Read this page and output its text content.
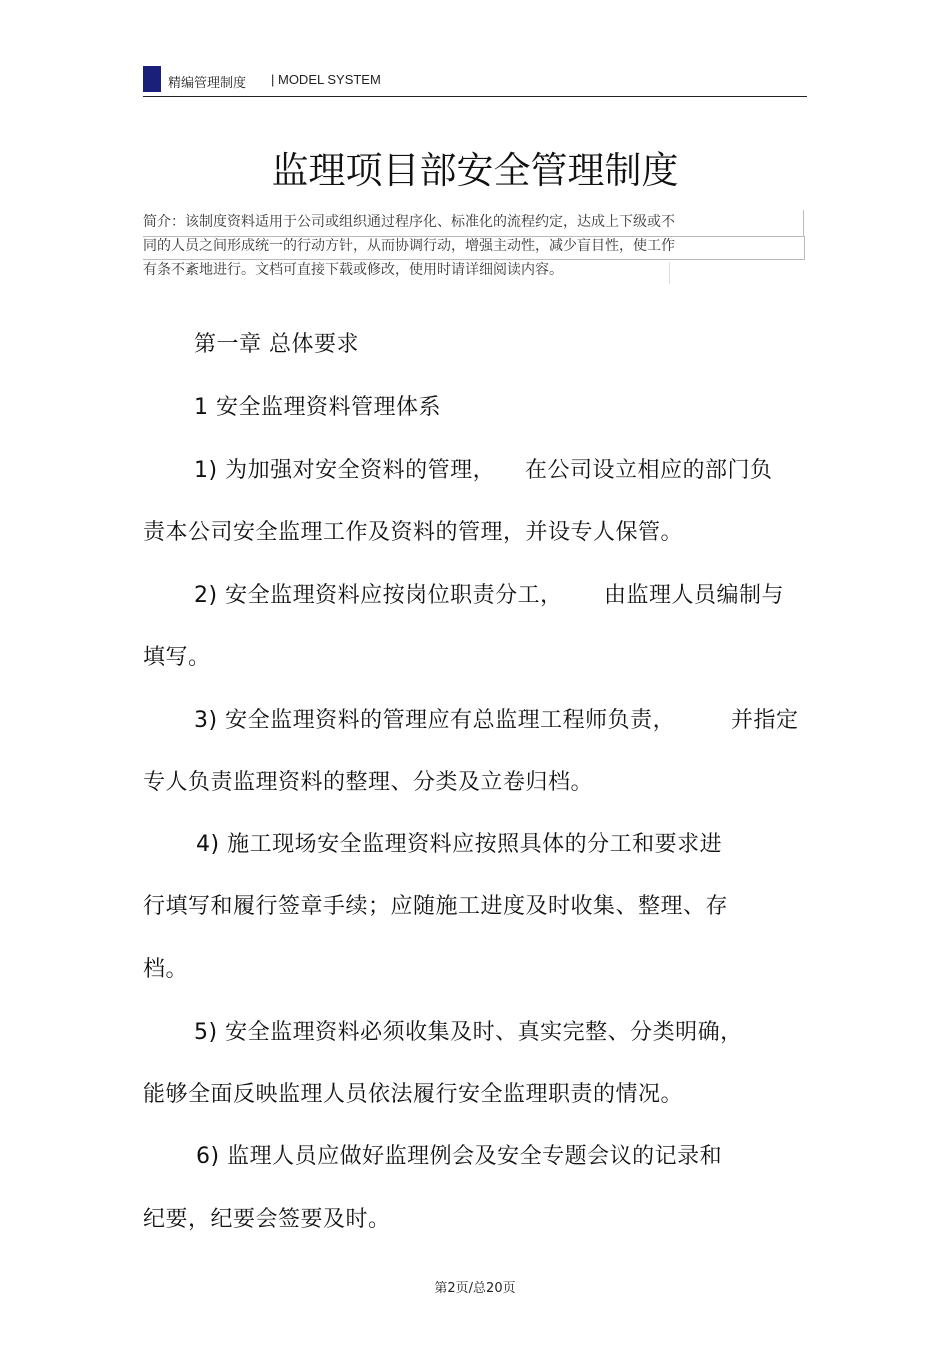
精编管理制度 | MODEL SYSTEM
监理项目部安全管理制度
简介：该制度资料适用于公司或组织通过程序化、标准化的流程约定，达成上下级或不
同的人员之间形成统一的行动方针，从而协调行动，增强主动性，减少盲目性，使工作
有条不紊地进行。文档可直接下载或修改，使用时请详细阅读内容。
第一章 总体要求
1 安全监理资料管理体系
1) 为加强对安全资料的管理， 在公司设立相应的部门负
责本公司安全监理工作及资料的管理，并设专人保管。
2) 安全监理资料应按岗位职责分工， 由监理人员编制与
填写。
3) 安全监理资料的管理应有总监理工程师负责，	并指定
专人负责监理资料的整理、分类及立卷归档。
4) 施工现场安全监理资料应按照具体的分工和要求进
行填写和履行签章手续；应随施工进度及时收集、整理、存
档。
5) 安全监理资料必须收集及时、真实完整、分类明确，
能够全面反映监理人员依法履行安全监理职责的情况。
6) 监理人员应做好监理例会及安全专题会议的记录和
纪要，纪要会签要及时。
第2页/总20页
